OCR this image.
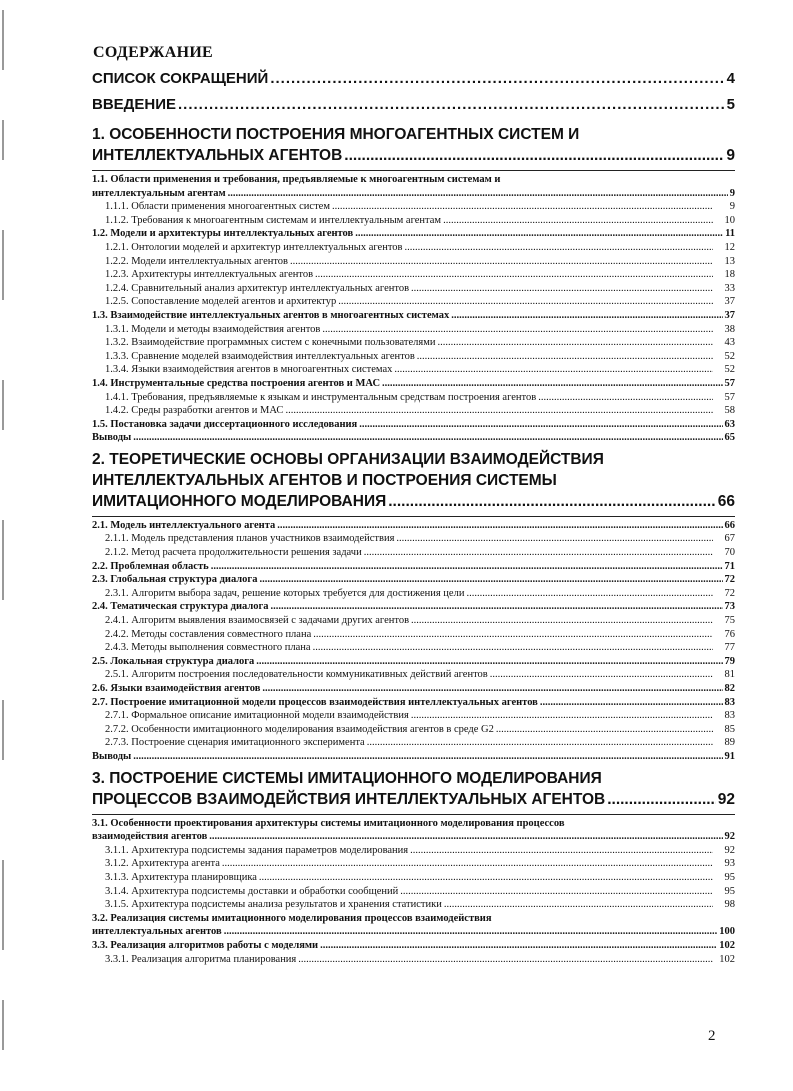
СОДЕРЖАНИЕ
СПИСОК СОКРАЩЕНИЙ .....	4
ВВЕДЕНИЕ .....	5
1. ОСОБЕННОСТИ ПОСТРОЕНИЯ МНОГОАГЕНТНЫХ СИСТЕМ И
ИНТЕЛЛЕКТУАЛЬНЫХ АГЕНТОВ .....	9
1.1. Области применения и требования, предъявляемые к многоагентным системам и
интеллектуальным агентам .....	9
1.1.1. Области применения многоагентных систем .....	9
1.1.2. Требования к многоагентным системам и интеллектуальным агентам .....	10
1.2. Модели и архитектуры интеллектуальных агентов .....	11
1.2.1. Онтологии моделей и архитектур интеллектуальных агентов .....	12
1.2.2. Модели интеллектуальных агентов .....	13
1.2.3. Архитектуры интеллектуальных агентов .....	18
1.2.4. Сравнительный анализ архитектур интеллектуальных агентов .....	33
1.2.5. Сопоставление моделей агентов и архитектур .....	37
1.3. Взаимодействие интеллектуальных агентов в многоагентных системах .....	37
1.3.1. Модели и методы взаимодействия агентов .....	38
1.3.2. Взаимодействие программных систем с конечными пользователями .....	43
1.3.3. Сравнение моделей взаимодействия интеллектуальных агентов .....	52
1.3.4. Языки взаимодействия агентов в многоагентных системах .....	52
1.4. Инструментальные средства построения агентов и МАС .....	57
1.4.1. Требования, предъявляемые к языкам и инструментальным средствам построения агентов .....	57
1.4.2. Среды разработки агентов и МАС .....	58
1.5. Постановка задачи диссертационного исследования .....	63
Выводы .....	65
2. ТЕОРЕТИЧЕСКИЕ ОСНОВЫ ОРГАНИЗАЦИИ ВЗАИМОДЕЙСТВИЯ
ИНТЕЛЛЕКТУАЛЬНЫХ АГЕНТОВ И ПОСТРОЕНИЯ СИСТЕМЫ
ИМИТАЦИОННОГО МОДЕЛИРОВАНИЯ .....	66
2.1. Модель интеллектуального агента .....	66
2.1.1. Модель представления планов участников взаимодействия .....	67
2.1.2. Метод расчета продолжительности решения задачи .....	70
2.2. Проблемная область .....	71
2.3. Глобальная структура диалога .....	72
2.3.1. Алгоритм выбора задач, решение которых требуется для достижения цели .....	72
2.4. Тематическая структура диалога .....	73
2.4.1. Алгоритм выявления взаимосвязей с задачами других агентов .....	75
2.4.2. Методы составления совместного плана .....	76
2.4.3. Методы выполнения совместного плана .....	77
2.5. Локальная структура диалога .....	79
2.5.1. Алгоритм построения последовательности коммуникативных действий агентов .....	81
2.6. Языки взаимодействия агентов .....	82
2.7. Построение имитационной модели процессов взаимодействия интеллектуальных агентов .....	83
2.7.1. Формальное описание имитационной модели взаимодействия .....	83
2.7.2. Особенности имитационного моделирования взаимодействия агентов в среде G2 .....	85
2.7.3. Построение сценария имитационного эксперимента .....	89
Выводы .....	91
3. ПОСТРОЕНИЕ СИСТЕМЫ ИМИТАЦИОННОГО МОДЕЛИРОВАНИЯ
ПРОЦЕССОВ ВЗАИМОДЕЙСТВИЯ ИНТЕЛЛЕКТУАЛЬНЫХ АГЕНТОВ .....	92
3.1. Особенности проектирования архитектуры системы имитационного моделирования процессов
взаимодействия агентов .....	92
3.1.1. Архитектура подсистемы задания параметров моделирования .....	92
3.1.2. Архитектура агента .....	93
3.1.3. Архитектура планировщика .....	95
3.1.4. Архитектура подсистемы доставки и обработки сообщений .....	95
3.1.5. Архитектура подсистемы анализа результатов и хранения статистики .....	98
3.2. Реализация системы имитационного моделирования процессов взаимодействия
интеллектуальных агентов .....	100
3.3. Реализация алгоритмов работы с моделями .....	102
3.3.1. Реализация алгоритма планирования .....	102
2
